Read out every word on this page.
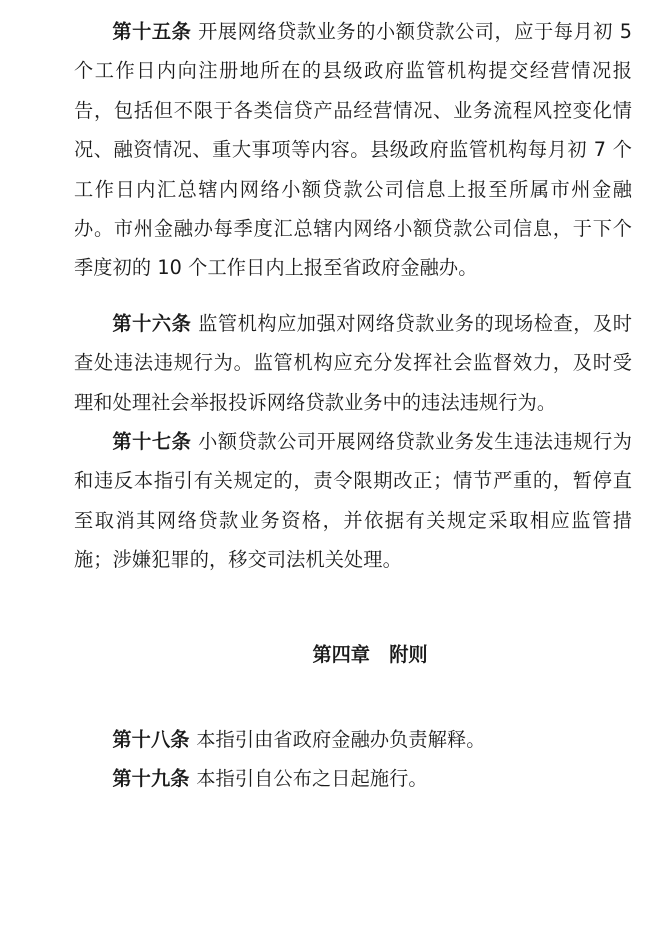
第十五条 开展网络贷款业务的小额贷款公司，应于每月初 5 个工作日内向注册地所在的县级政府监管机构提交经营情况报告，包括但不限于各类信贷产品经营情况、业务流程风控变化情况、融资情况、重大事项等内容。县级政府监管机构每月初 7 个工作日内汇总辖内网络小额贷款公司信息上报至所属市州金融办。市州金融办每季度汇总辖内网络小额贷款公司信息，于下个季度初的 10 个工作日内上报至省政府金融办。

第十六条 监管机构应加强对网络贷款业务的现场检查，及时查处违法违规行为。监管机构应充分发挥社会监督效力，及时受理和处理社会举报投诉网络贷款业务中的违法违规行为。

第十七条 小额贷款公司开展网络贷款业务发生违法违规行为和违反本指引有关规定的，责令限期改正；情节严重的，暂停直至取消其网络贷款业务资格，并依据有关规定采取相应监管措施；涉嫌犯罪的，移交司法机关处理。

第四章 附则

第十八条 本指引由省政府金融办负责解释。

第十九条 本指引自公布之日起施行。
